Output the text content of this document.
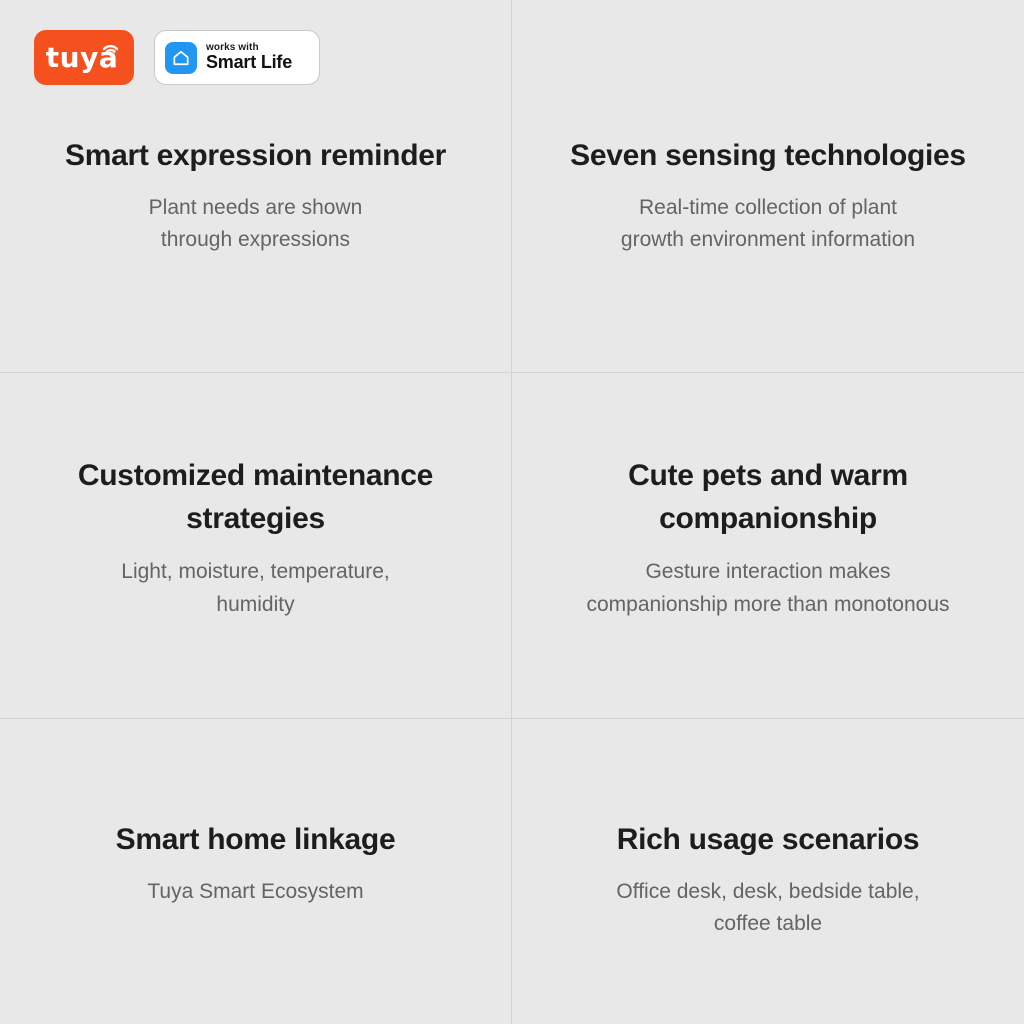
tuya	works with
Smart Life
Smart expression reminder

Plant needs are shown
through expressions

Seven sensing technologies

Real-time collection of plant
growth environment information

Customized maintenance strategies

Light, moisture, temperature,
humidity

Cute pets and warm companionship

Gesture interaction makes
companionship more than monotonous

Smart home linkage

Tuya Smart Ecosystem

Rich usage scenarios

Office desk, desk, bedside table,
coffee table
